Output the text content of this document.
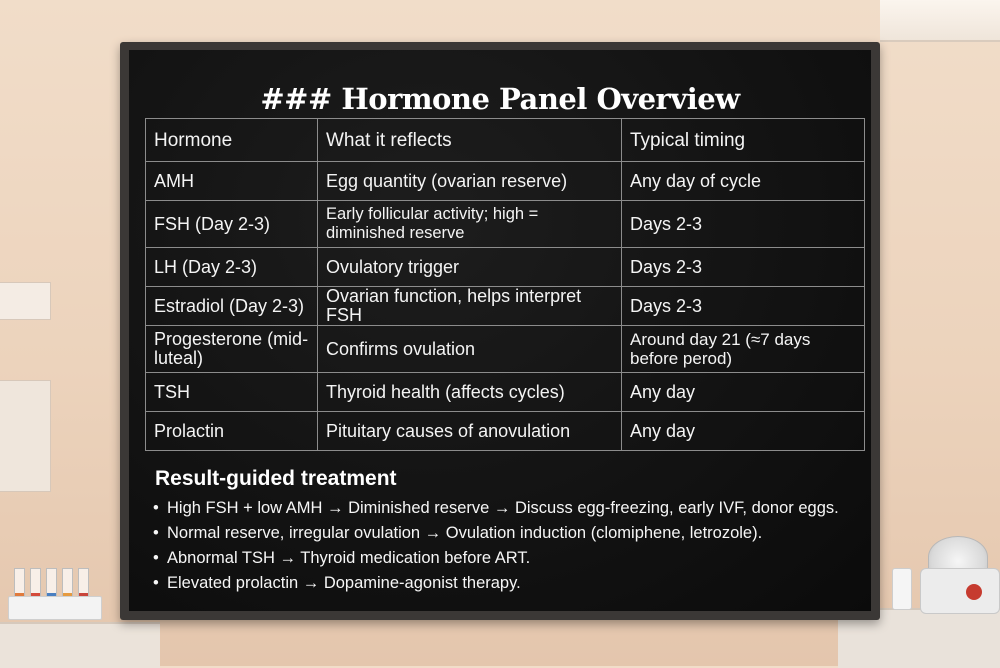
### Hormone Panel Overview
Hormone	What it reflects	Typical timing
AMH	Egg quantity (ovarian reserve)	Any day of cycle
FSH (Day 2-3)	Early follicular activity; high = diminished reserve	Days 2-3
LH (Day 2-3)	Ovulatory trigger	Days 2-3
Estradiol (Day 2-3)	Ovarian function, helps interpret FSH	Days 2-3
Progesterone (mid-luteal)	Confirms ovulation	Around day 21 (≈7 days before perod)
TSH	Thyroid health (affects cycles)	Any day
Prolactin	Pituitary causes of anovulation	Any day
Result-guided treatment
• High FSH + low AMH → Diminished reserve → Discuss egg-freezing, early IVF, donor eggs.
• Normal reserve, irregular ovulation → Ovulation induction (clomiphene, letrozole).
• Abnormal TSH → Thyroid medication before ART.
• Elevated prolactin → Dopamine-agonist therapy.
